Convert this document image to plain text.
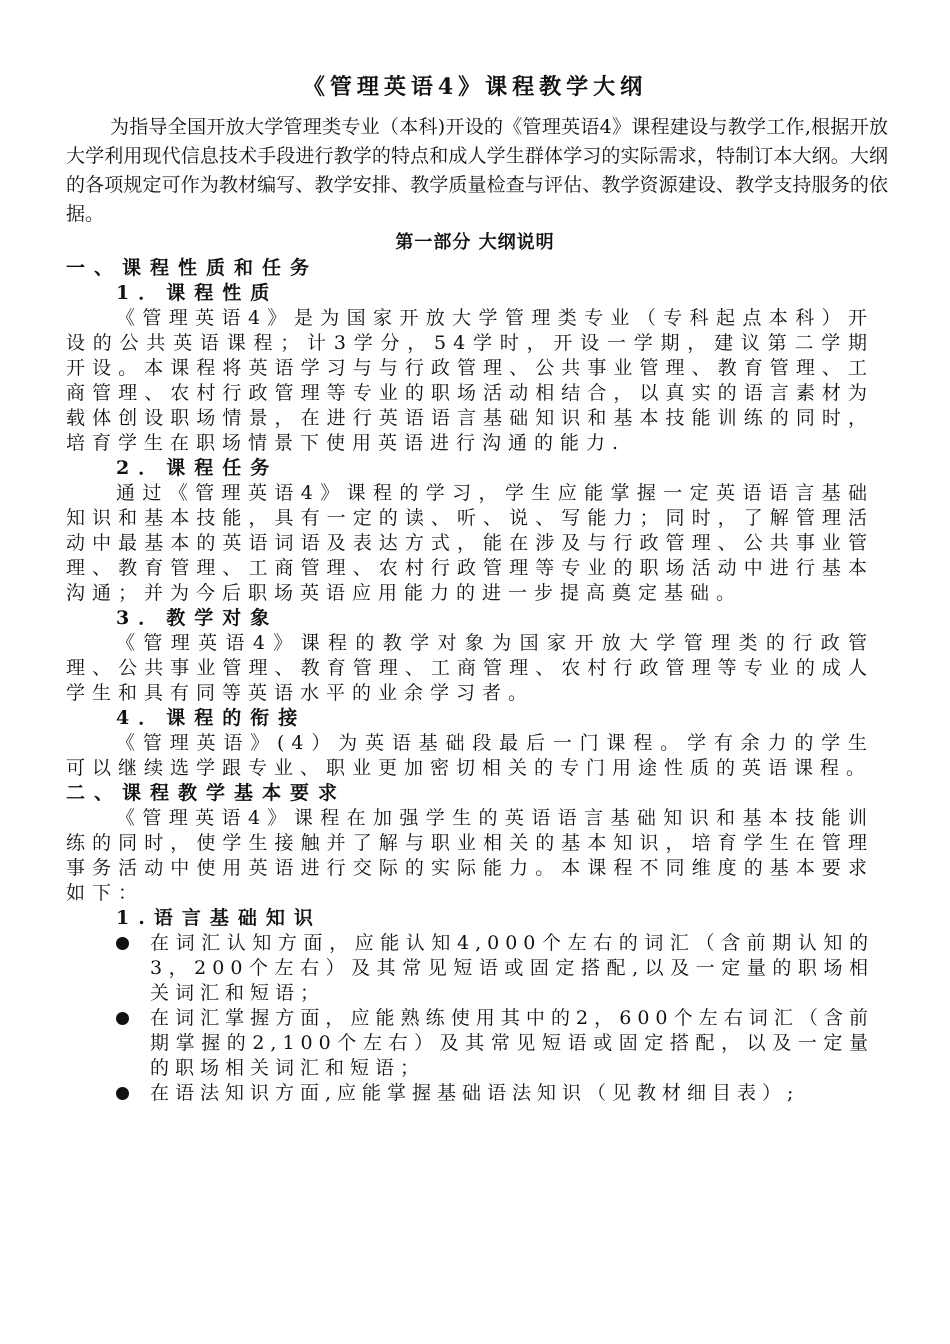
《管理英语4》课程教学大纲

为指导全国开放大学管理类专业（本科)开设的《管理英语4》课程建设与教学工作,根据开放大学利用现代信息技术手段进行教学的特点和成人学生群体学习的实际需求，特制订本大纲。大纲的各项规定可作为教材编写、教学安排、教学质量检查与评估、教学资源建设、教学支持服务的依据。

第一部分 大纲说明

一、课程性质和任务

1．课程性质

《管理英语4》是为国家开放大学管理类专业（专科起点本科）开设的公共英语课程；计3学分，54学时，开设一学期，建议第二学期开设。本课程将英语学习与与行政管理、公共事业管理、教育管理、工商管理、农村行政管理等专业的职场活动相结合，以真实的语言素材为载体创设职场情景，在进行英语语言基础知识和基本技能训练的同时，培育学生在职场情景下使用英语进行沟通的能力.

2．课程任务

通过《管理英语4》课程的学习，学生应能掌握一定英语语言基础知识和基本技能，具有一定的读、听、说、写能力；同时，了解管理活动中最基本的英语词语及表达方式，能在涉及与行政管理、公共事业管理、教育管理、工商管理、农村行政管理等专业的职场活动中进行基本沟通；并为今后职场英语应用能力的进一步提高奠定基础。

3．教学对象

《管理英语4》课程的教学对象为国家开放大学管理类的行政管理、公共事业管理、教育管理、工商管理、农村行政管理等专业的成人学生和具有同等英语水平的业余学习者。

4．课程的衔接

《管理英语》(4）为英语基础段最后一门课程。学有余力的学生可以继续选学跟专业、职业更加密切相关的专门用途性质的英语课程。

二、课程教学基本要求

《管理英语4》课程在加强学生的英语语言基础知识和基本技能训练的同时，使学生接触并了解与职业相关的基本知识，培育学生在管理事务活动中使用英语进行交际的实际能力。本课程不同维度的基本要求如下：

1.语言基础知识

在词汇认知方面，应能认知4,000个左右的词汇（含前期认知的3，200个左右）及其常见短语或固定搭配,以及一定量的职场相关词汇和短语；
在词汇掌握方面，应能熟练使用其中的2，600个左右词汇（含前期掌握的2,100个左右）及其常见短语或固定搭配，以及一定量的职场相关词汇和短语；
在语法知识方面,应能掌握基础语法知识（见教材细目表）;
